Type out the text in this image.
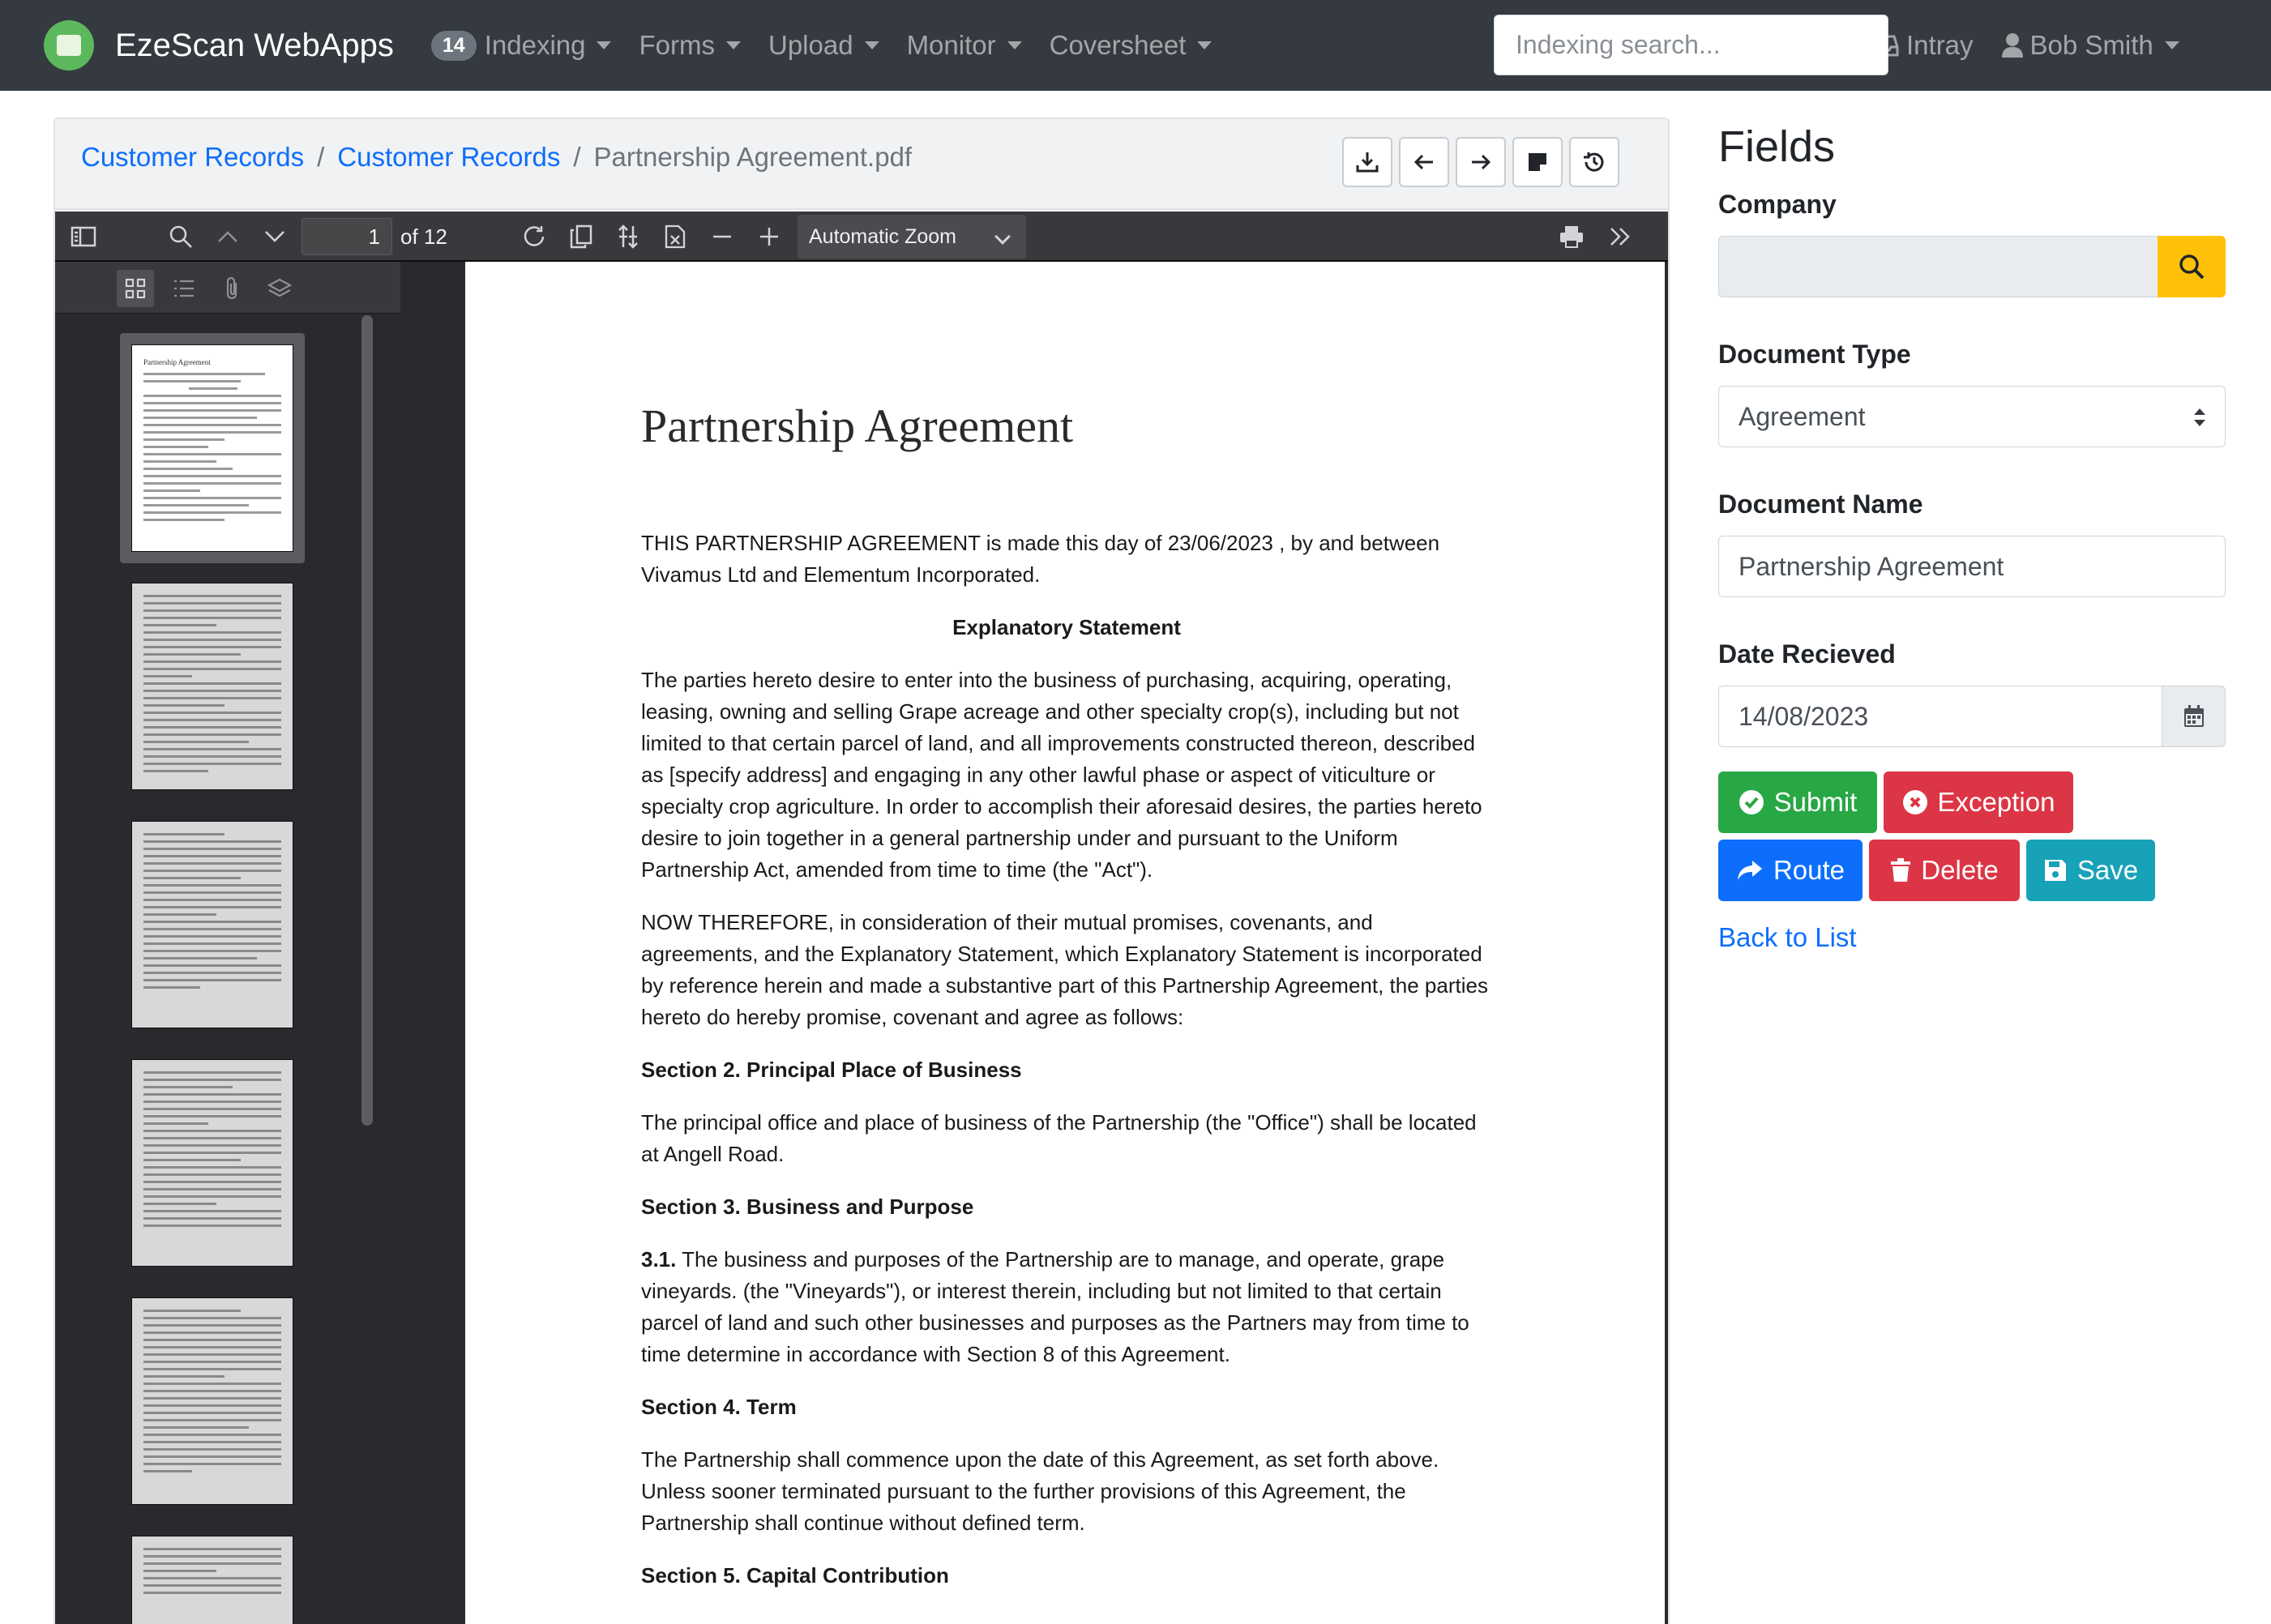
EzeScan WebApps	14 Indexing Forms Upload Monitor Coversheet
Indexing search...	Intray Bob Smith
Customer Records / Customer Records / Partnership Agreement.pdf
1
of 12	Automatic Zoom
Partnership Agreement
Partnership Agreement

THIS PARTNERSHIP AGREEMENT is made this day of 23/06/2023 , by and between Vivamus Ltd and Elementum Incorporated.

Explanatory Statement

The parties hereto desire to enter into the business of purchasing, acquiring, operating, leasing, owning and selling Grape acreage and other specialty crop(s), including but not limited to that certain parcel of land, and all improvements constructed thereon, described as [specify address] and engaging in any other lawful phase or aspect of viticulture or specialty crop agriculture. In order to accomplish their aforesaid desires, the parties hereto desire to join together in a general partnership under and pursuant to the Uniform Partnership Act, amended from time to time (the "Act").

NOW THEREFORE, in consideration of their mutual promises, covenants, and agreements, and the Explanatory Statement, which Explanatory Statement is incorporated by reference herein and made a substantive part of this Partnership Agreement, the parties hereto do hereby promise, covenant and agree as follows:

Section 2. Principal Place of Business

The principal office and place of business of the Partnership (the "Office") shall be located at Angell Road.

Section 3. Business and Purpose

3.1. The business and purposes of the Partnership are to manage, and operate, grape vineyards. (the "Vineyards"), or interest therein, including but not limited to that certain parcel of land and such other businesses and purposes as the Partners may from time to time determine in accordance with Section 8 of this Agreement.

Section 4. Term

The Partnership shall commence upon the date of this Agreement, as set forth above. Unless sooner terminated pursuant to the further provisions of this Agreement, the Partnership shall continue without defined term.

Section 5. Capital Contribution
Fields
Company
Document Type
Agreement
Document Name
Partnership Agreement
Date Recieved
14/08/2023
Submit	Exception
Route	Delete	Save
Back to List
